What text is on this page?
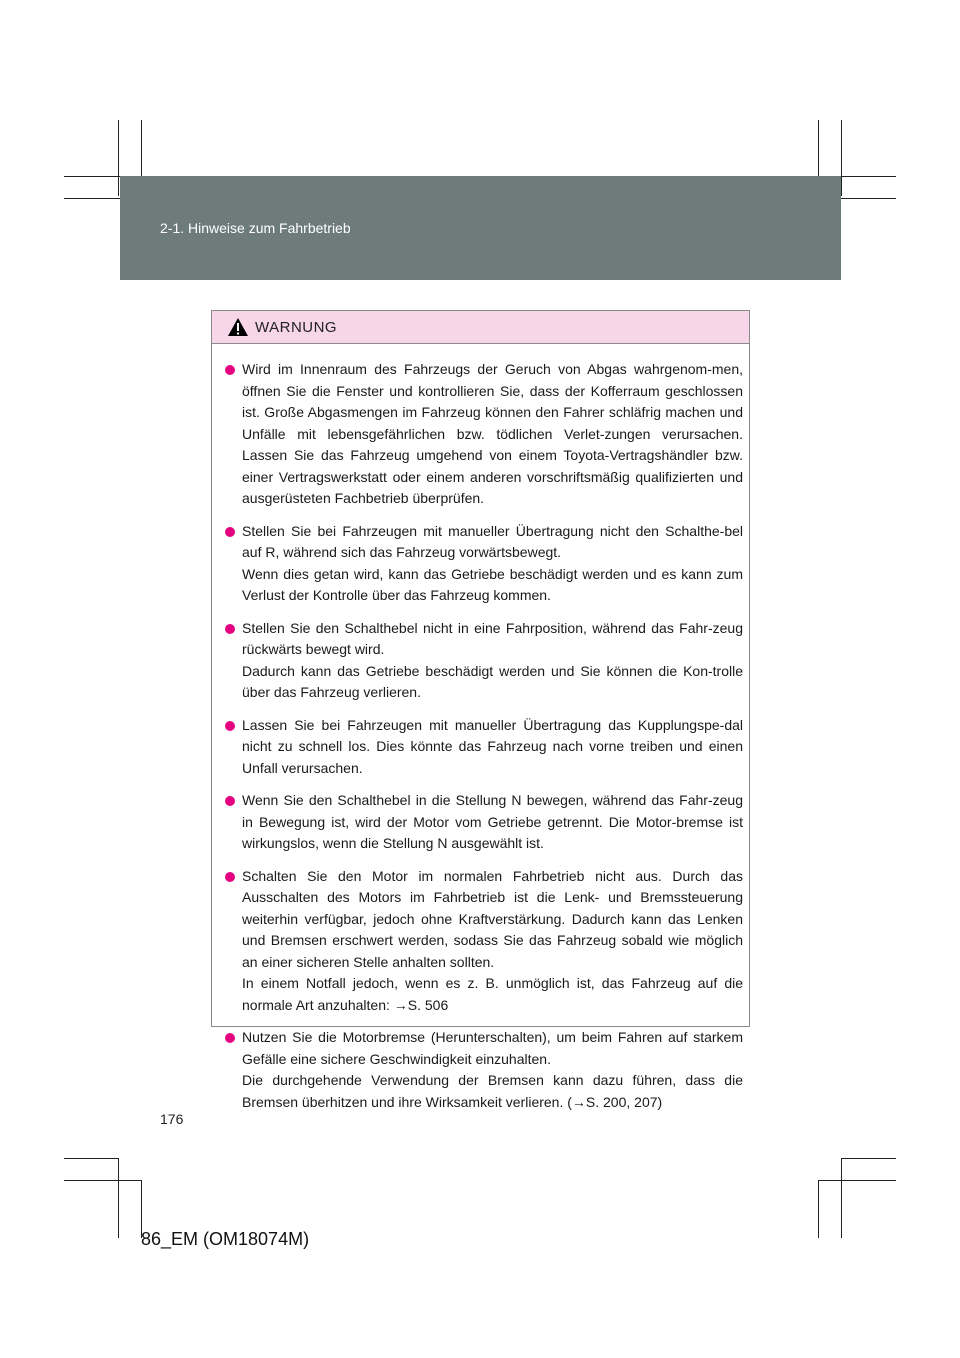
2-1. Hinweise zum Fahrbetrieb
WARNUNG
Wird im Innenraum des Fahrzeugs der Geruch von Abgas wahrgenom-men, öffnen Sie die Fenster und kontrollieren Sie, dass der Kofferraum geschlossen ist. Große Abgasmengen im Fahrzeug können den Fahrer schläfrig machen und Unfälle mit lebensgefährlichen bzw. tödlichen Verlet-zungen verursachen. Lassen Sie das Fahrzeug umgehend von einem Toyota-Vertragshändler bzw. einer Vertragswerkstatt oder einem anderen vorschriftsmäßig qualifizierten und ausgerüsteten Fachbetrieb überprüfen.
Stellen Sie bei Fahrzeugen mit manueller Übertragung nicht den Schalthe-bel auf R, während sich das Fahrzeug vorwärtsbewegt.
Wenn dies getan wird, kann das Getriebe beschädigt werden und es kann zum Verlust der Kontrolle über das Fahrzeug kommen.
Stellen Sie den Schalthebel nicht in eine Fahrposition, während das Fahr-zeug rückwärts bewegt wird.
Dadurch kann das Getriebe beschädigt werden und Sie können die Kon-trolle über das Fahrzeug verlieren.
Lassen Sie bei Fahrzeugen mit manueller Übertragung das Kupplungspe-dal nicht zu schnell los. Dies könnte das Fahrzeug nach vorne treiben und einen Unfall verursachen.
Wenn Sie den Schalthebel in die Stellung N bewegen, während das Fahr-zeug in Bewegung ist, wird der Motor vom Getriebe getrennt. Die Motor-bremse ist wirkungslos, wenn die Stellung N ausgewählt ist.
Schalten Sie den Motor im normalen Fahrbetrieb nicht aus. Durch das Ausschalten des Motors im Fahrbetrieb ist die Lenk- und Bremssteuerung weiterhin verfügbar, jedoch ohne Kraftverstärkung. Dadurch kann das Lenken und Bremsen erschwert werden, sodass Sie das Fahrzeug sobald wie möglich an einer sicheren Stelle anhalten sollten.
In einem Notfall jedoch, wenn es z. B. unmöglich ist, das Fahrzeug auf die normale Art anzuhalten: →S. 506
Nutzen Sie die Motorbremse (Herunterschalten), um beim Fahren auf starkem Gefälle eine sichere Geschwindigkeit einzuhalten.
Die durchgehende Verwendung der Bremsen kann dazu führen, dass die Bremsen überhitzen und ihre Wirksamkeit verlieren. (→S. 200, 207)
176
86_EM (OM18074M)
